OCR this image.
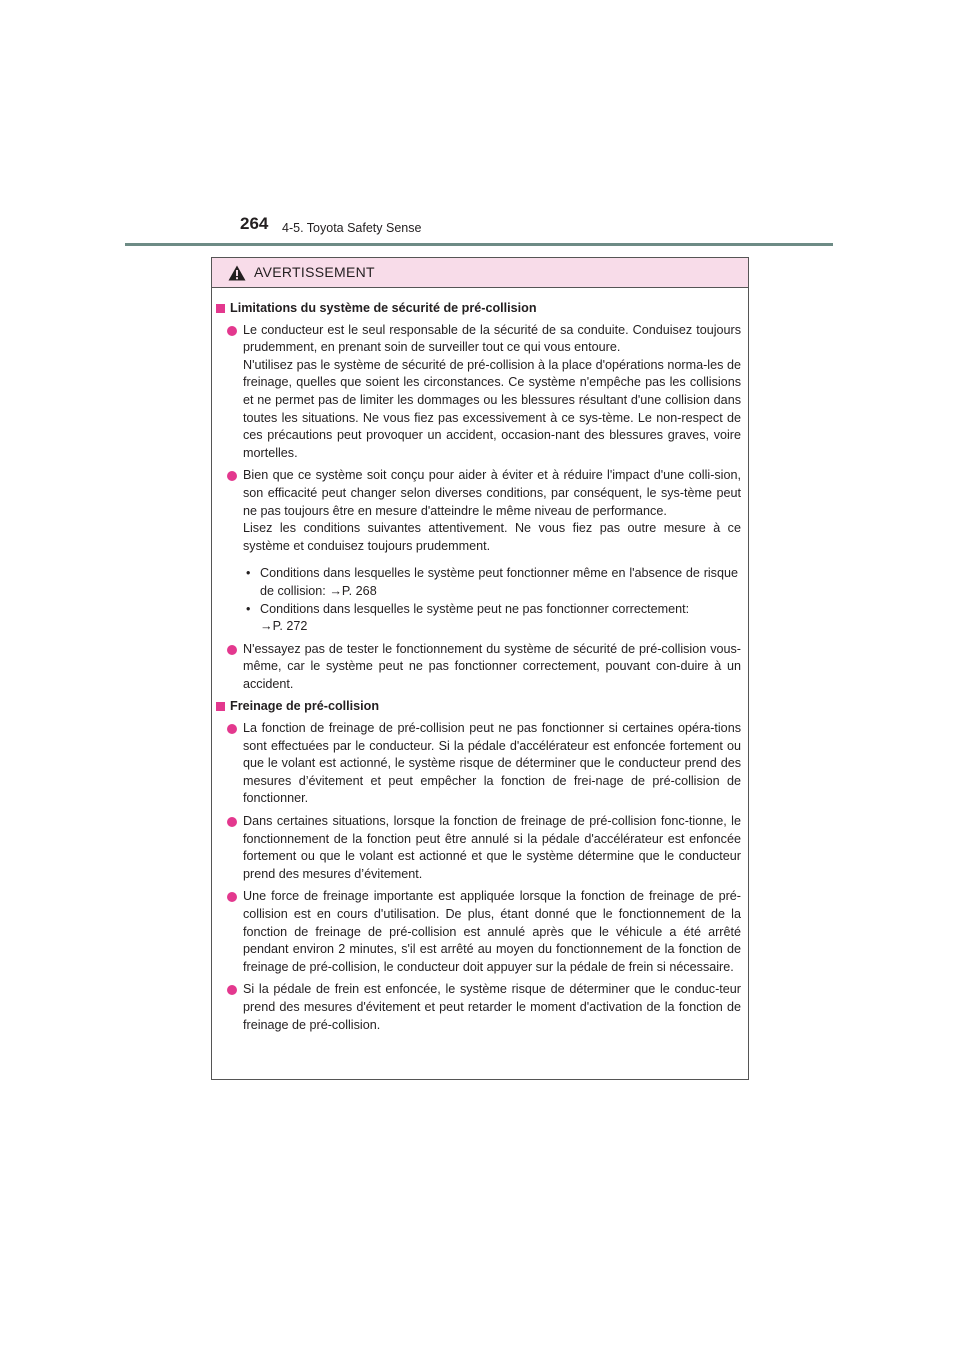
264 4-5. Toyota Safety Sense
AVERTISSEMENT
Limitations du système de sécurité de pré-collision

Le conducteur est le seul responsable de la sécurité de sa conduite. Conduisez toujours prudemment, en prenant soin de surveiller tout ce qui vous entoure.

N'utilisez pas le système de sécurité de pré-collision à la place d'opérations norma-les de freinage, quelles que soient les circonstances. Ce système n'empêche pas les collisions et ne permet pas de limiter les dommages ou les blessures résultant d'une collision dans toutes les situations. Ne vous fiez pas excessivement à ce sys-tème. Le non-respect de ces précautions peut provoquer un accident, occasion-nant des blessures graves, voire mortelles.

Bien que ce système soit conçu pour aider à éviter et à réduire l'impact d'une colli-sion, son efficacité peut changer selon diverses conditions, par conséquent, le sys-tème peut ne pas toujours être en mesure d'atteindre le même niveau de performance.

Lisez les conditions suivantes attentivement. Ne vous fiez pas outre mesure à ce système et conduisez toujours prudemment.

• Conditions dans lesquelles le système peut fonctionner même en l'absence de risque de collision: →P. 268

• Conditions dans lesquelles le système peut ne pas fonctionner correctement:
→P. 272

N'essayez pas de tester le fonctionnement du système de sécurité de pré-collision vous-même, car le système peut ne pas fonctionner correctement, pouvant con-duire à un accident.

Freinage de pré-collision

La fonction de freinage de pré-collision peut ne pas fonctionner si certaines opéra-tions sont effectuées par le conducteur. Si la pédale d'accélérateur est enfoncée fortement ou que le volant est actionné, le système risque de déterminer que le conducteur prend des mesures d’évitement et peut empêcher la fonction de frei-nage de pré-collision de fonctionner.

Dans certaines situations, lorsque la fonction de freinage de pré-collision fonc-tionne, le fonctionnement de la fonction peut être annulé si la pédale d'accélérateur est enfoncée fortement ou que le volant est actionné et que le système détermine que le conducteur prend des mesures d’évitement.

Une force de freinage importante est appliquée lorsque la fonction de freinage de pré-collision est en cours d'utilisation. De plus, étant donné que le fonctionnement de la fonction de freinage de pré-collision est annulé après que le véhicule a été arrêté pendant environ 2 minutes, s'il est arrêté au moyen du fonctionnement de la fonction de freinage de pré-collision, le conducteur doit appuyer sur la pédale de frein si nécessaire.

Si la pédale de frein est enfoncée, le système risque de déterminer que le conduc-teur prend des mesures d'évitement et peut retarder le moment d'activation de la fonction de freinage de pré-collision.
